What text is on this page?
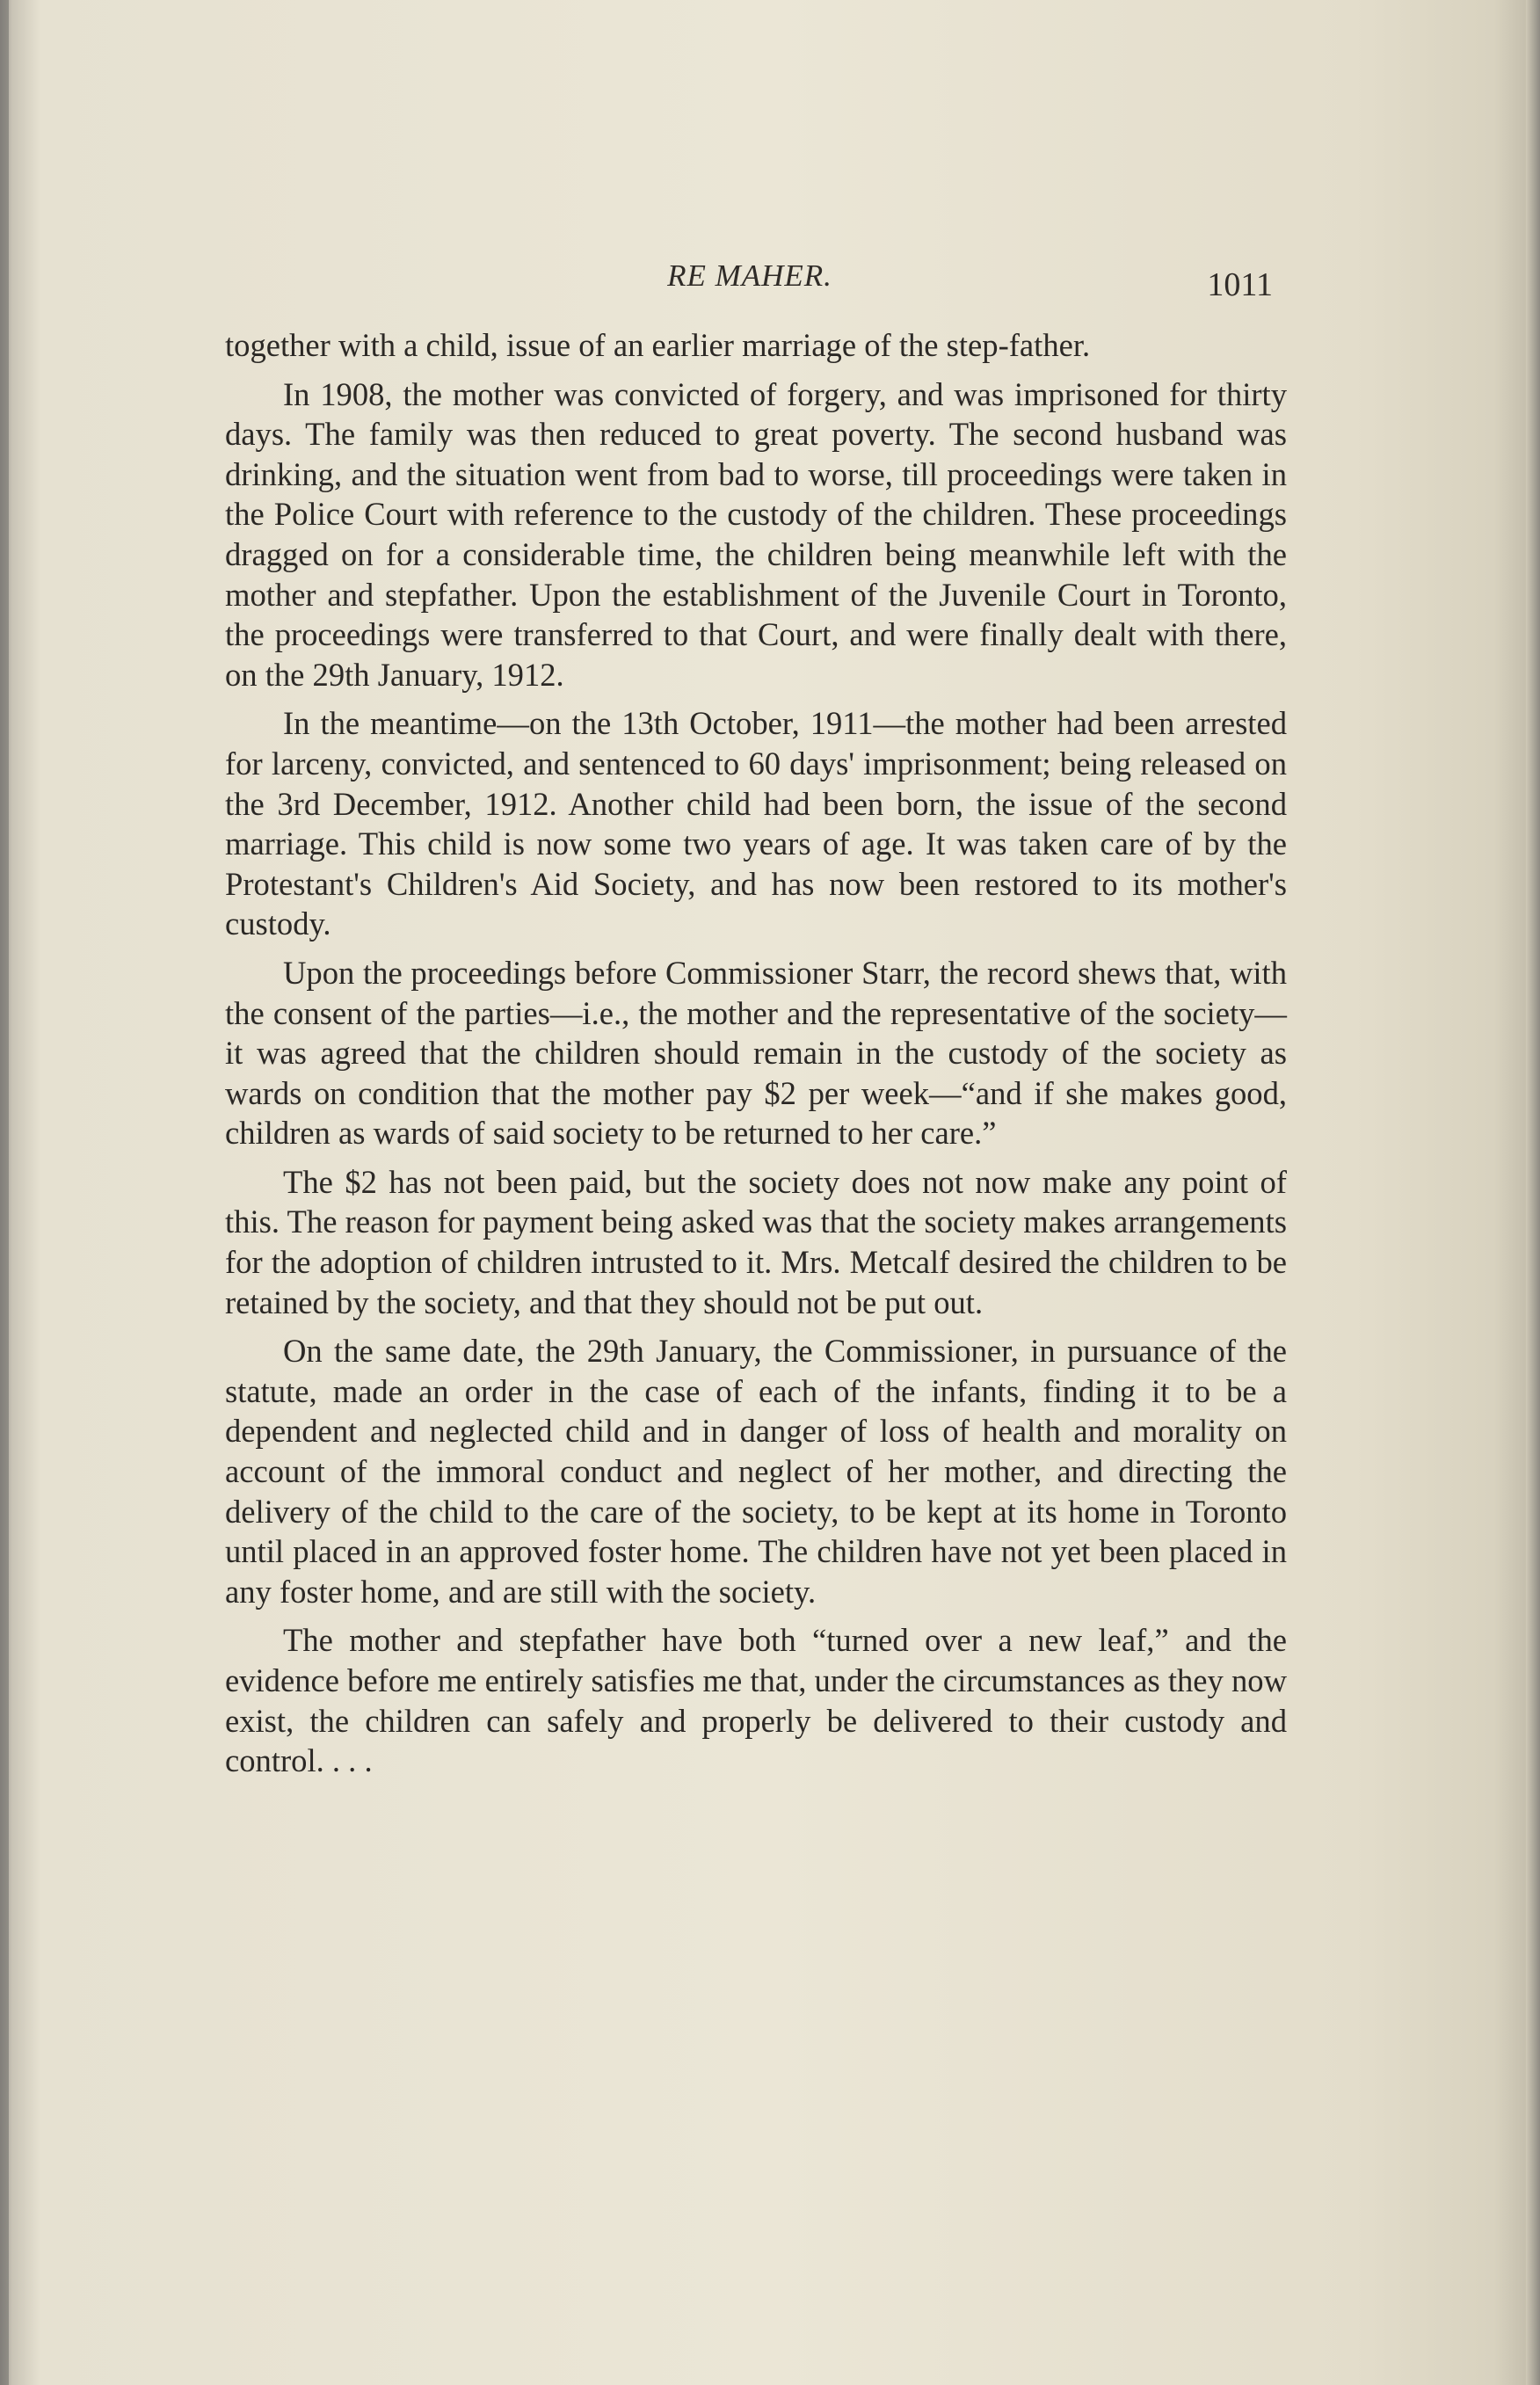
RE MAHER.	1011

together with a child, issue of an earlier marriage of the step-father.

In 1908, the mother was convicted of forgery, and was imprisoned for thirty days. The family was then reduced to great poverty. The second husband was drinking, and the situation went from bad to worse, till proceedings were taken in the Police Court with reference to the custody of the children. These proceedings dragged on for a considerable time, the children being meanwhile left with the mother and stepfather. Upon the establishment of the Juvenile Court in Toronto, the proceedings were transferred to that Court, and were finally dealt with there, on the 29th January, 1912.

In the meantime—on the 13th October, 1911—the mother had been arrested for larceny, convicted, and sentenced to 60 days' imprisonment; being released on the 3rd December, 1912. Another child had been born, the issue of the second marriage. This child is now some two years of age. It was taken care of by the Protestant's Children's Aid Society, and has now been restored to its mother's custody.

Upon the proceedings before Commissioner Starr, the record shews that, with the consent of the parties—i.e., the mother and the representative of the society—it was agreed that the children should remain in the custody of the society as wards on condition that the mother pay $2 per week—“and if she makes good, children as wards of said society to be returned to her care.”

The $2 has not been paid, but the society does not now make any point of this. The reason for payment being asked was that the society makes arrangements for the adoption of children intrusted to it. Mrs. Metcalf desired the children to be retained by the society, and that they should not be put out.

On the same date, the 29th January, the Commissioner, in pursuance of the statute, made an order in the case of each of the infants, finding it to be a dependent and neglected child and in danger of loss of health and morality on account of the immoral conduct and neglect of her mother, and directing the delivery of the child to the care of the society, to be kept at its home in Toronto until placed in an approved foster home. The children have not yet been placed in any foster home, and are still with the society.

The mother and stepfather have both “turned over a new leaf,” and the evidence before me entirely satisfies me that, under the circumstances as they now exist, the children can safely and properly be delivered to their custody and control. . . .
